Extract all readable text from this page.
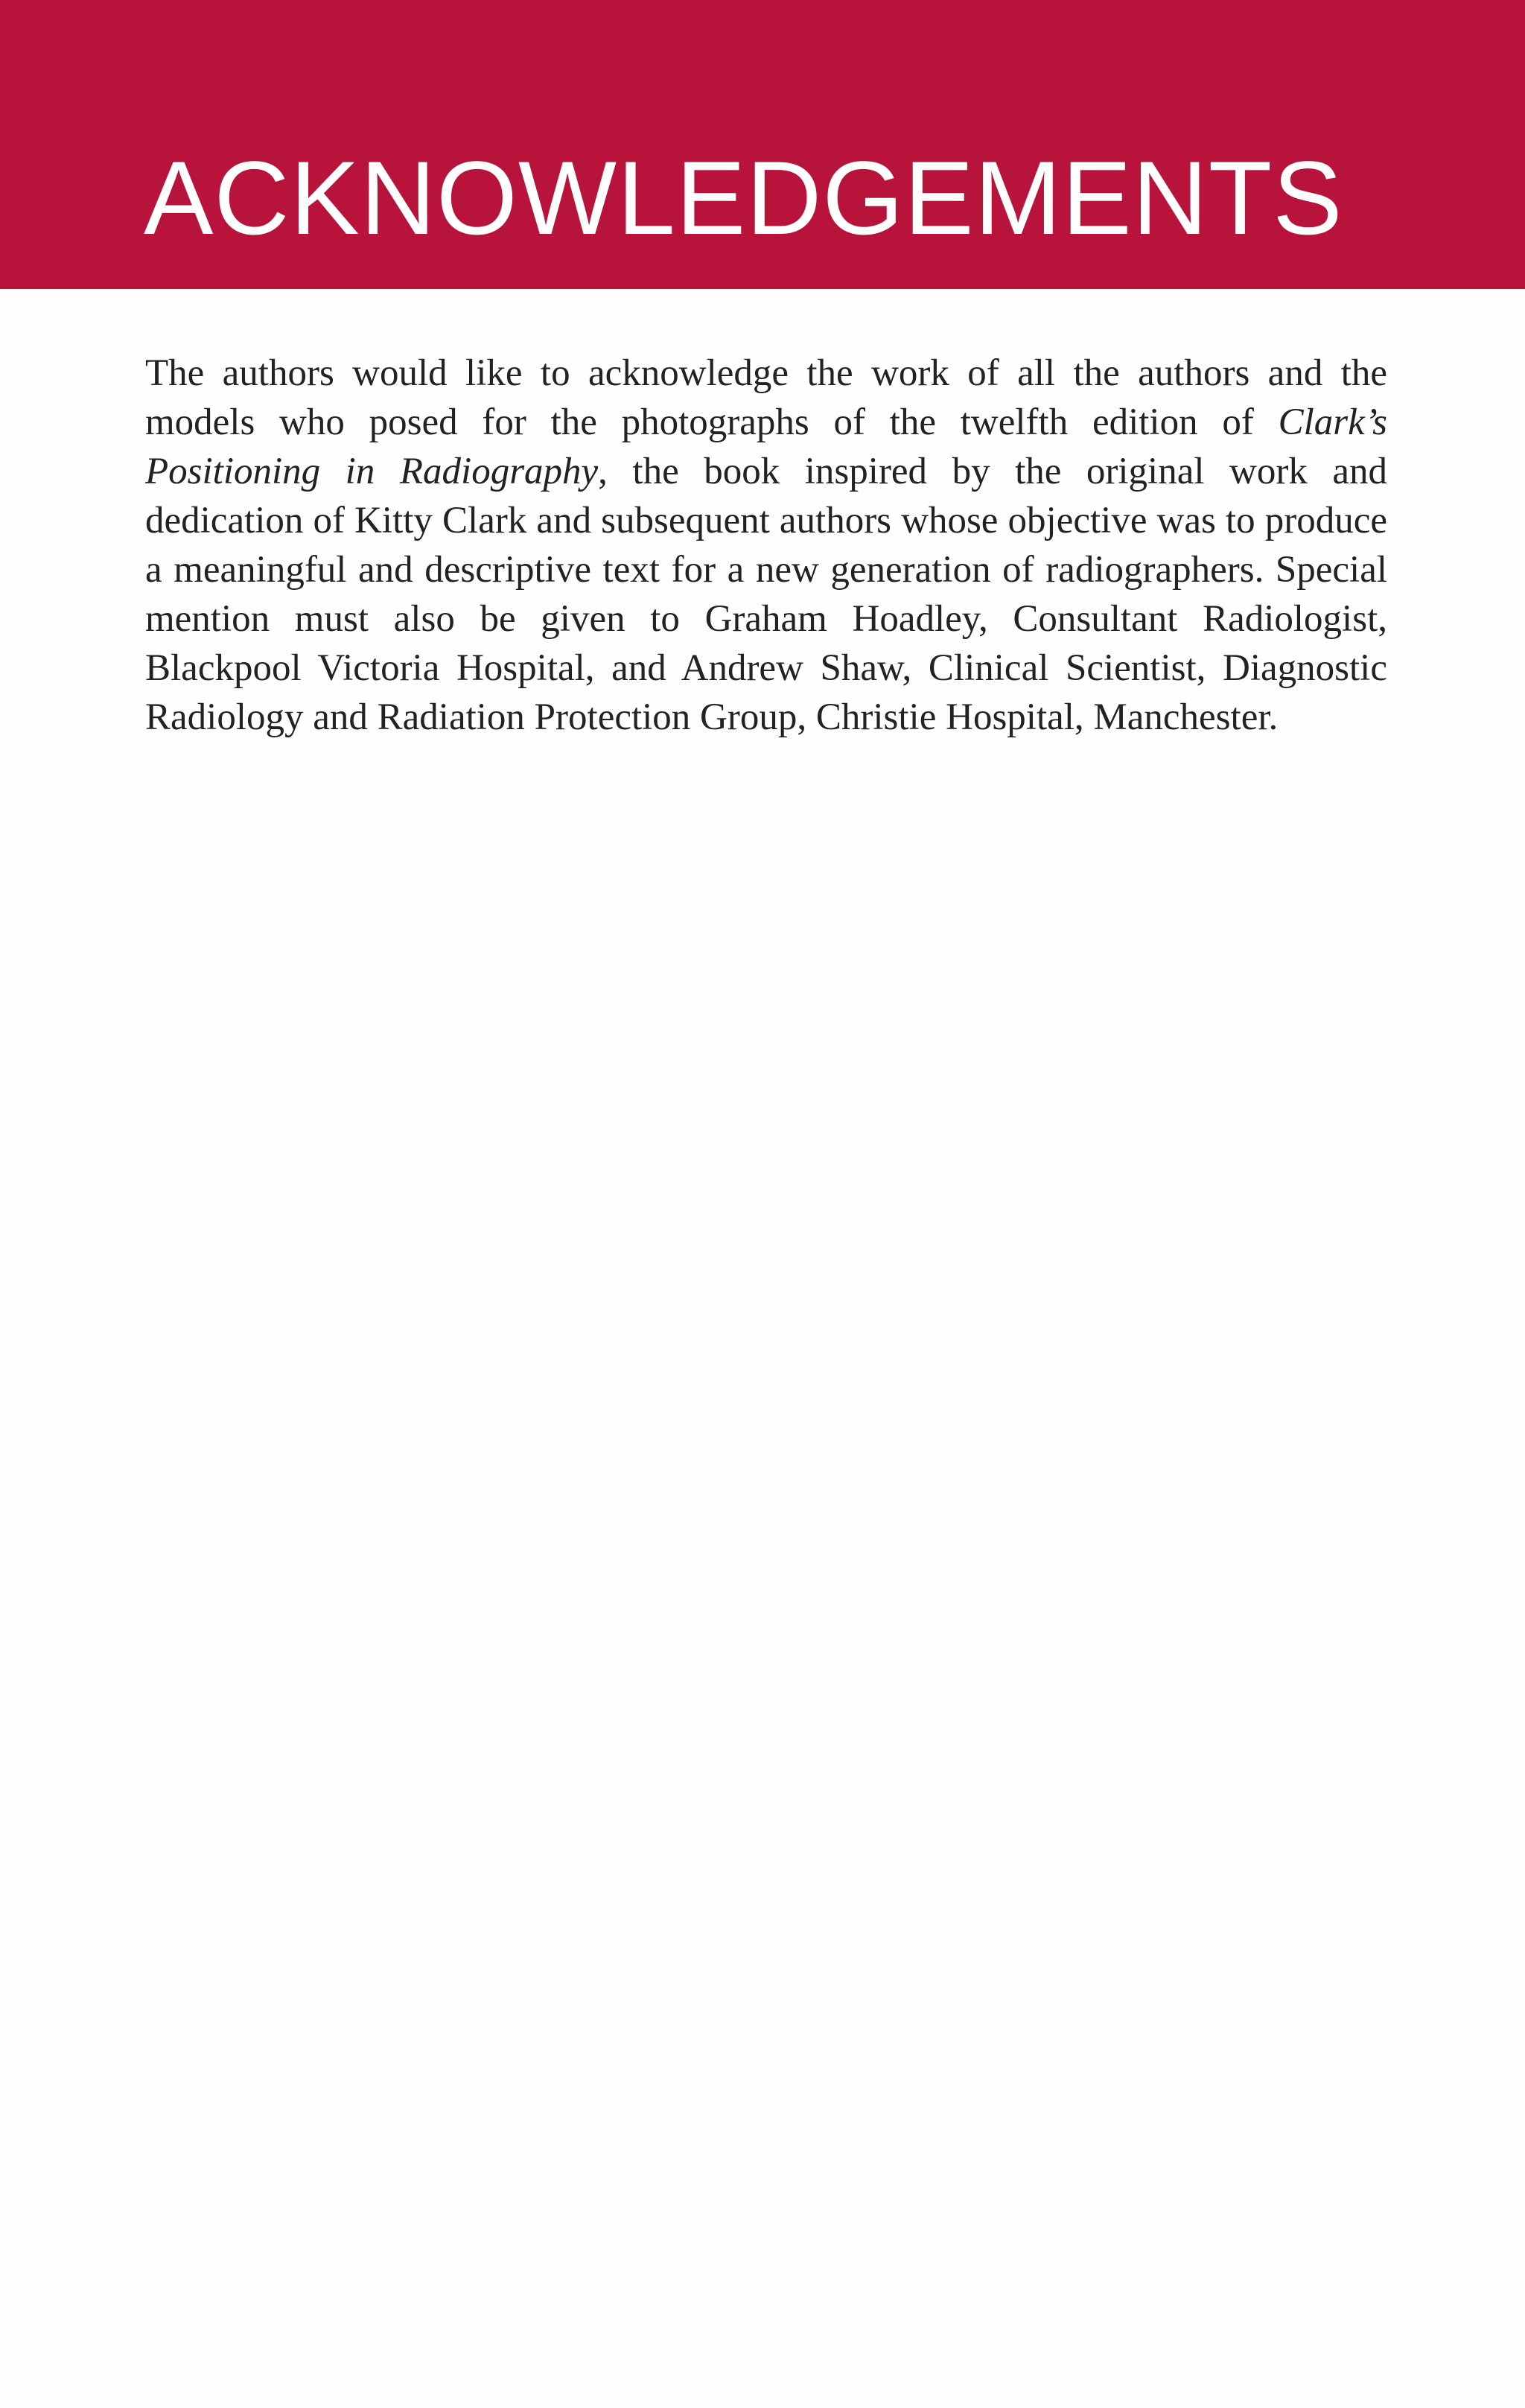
ACKNOWLEDGEMENTS

The authors would like to acknowledge the work of all the authors and the models who posed for the photographs of the twelfth edition of Clark’s Positioning in Radiography, the book inspired by the original work and dedication of Kitty Clark and subsequent authors whose objective was to produce a meaningful and descriptive text for a new generation of radiographers. Special mention must also be given to Graham Hoadley, Consultant Radiologist, Blackpool Victoria Hospital, and Andrew Shaw, Clinical Scientist, Diagnostic Radiology and Radiation Protection Group, Christie Hospital, Manchester.
